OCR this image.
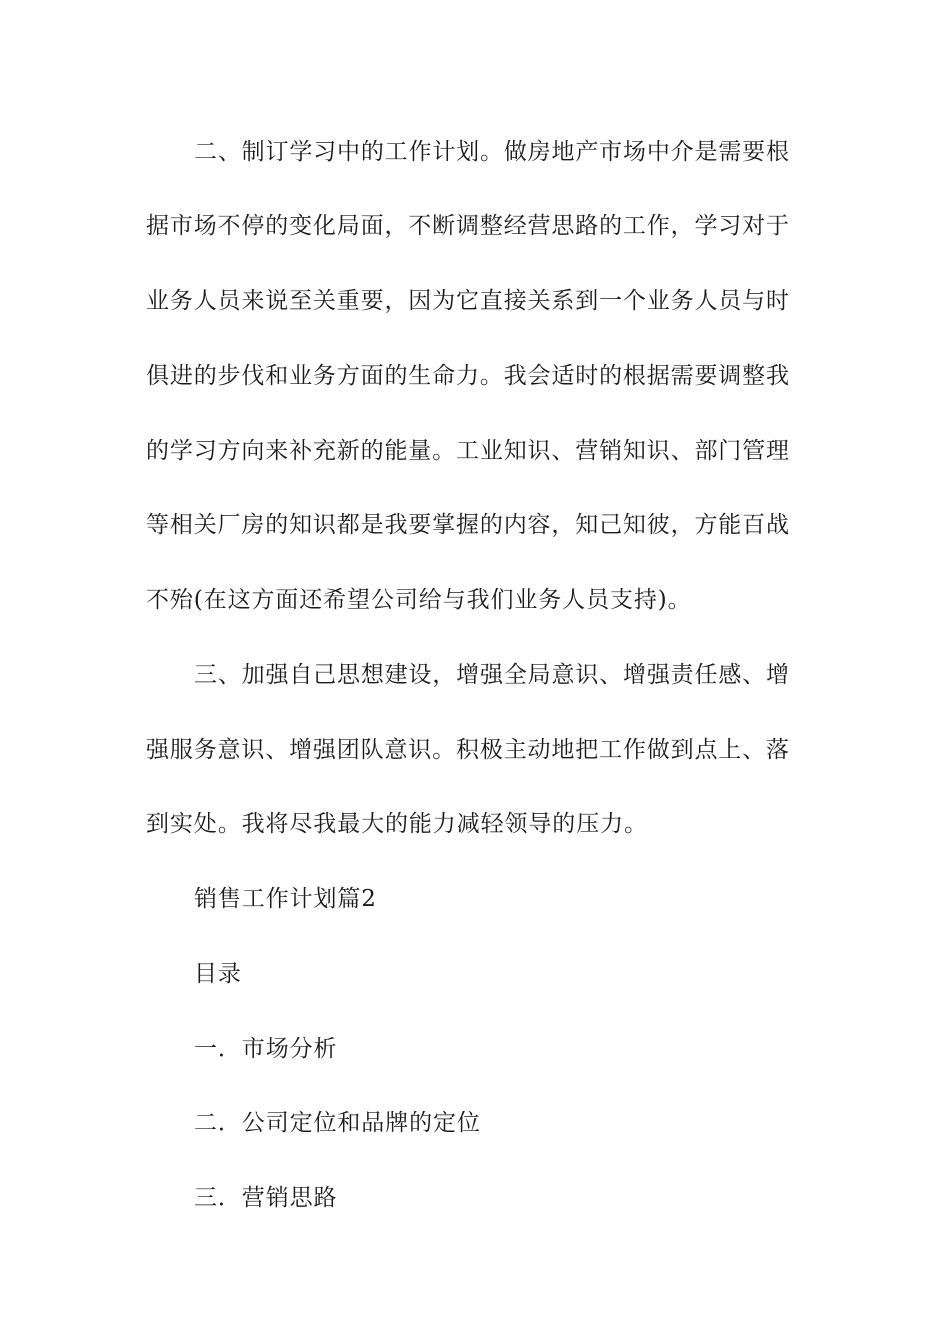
二、制订学习中的工作计划。做房地产市场中介是需要根
据市场不停的变化局面，不断调整经营思路的工作，学习对于
业务人员来说至关重要，因为它直接关系到一个业务人员与时
俱进的步伐和业务方面的生命力。我会适时的根据需要调整我
的学习方向来补充新的能量。工业知识、营销知识、部门管理
等相关厂房的知识都是我要掌握的内容，知己知彼，方能百战
不殆(在这方面还希望公司给与我们业务人员支持)。
三、加强自己思想建设，增强全局意识、增强责任感、增
强服务意识、增强团队意识。积极主动地把工作做到点上、落
到实处。我将尽我最大的能力减轻领导的压力。
销售工作计划篇2
目录
一．市场分析
二．公司定位和品牌的定位
三．营销思路
